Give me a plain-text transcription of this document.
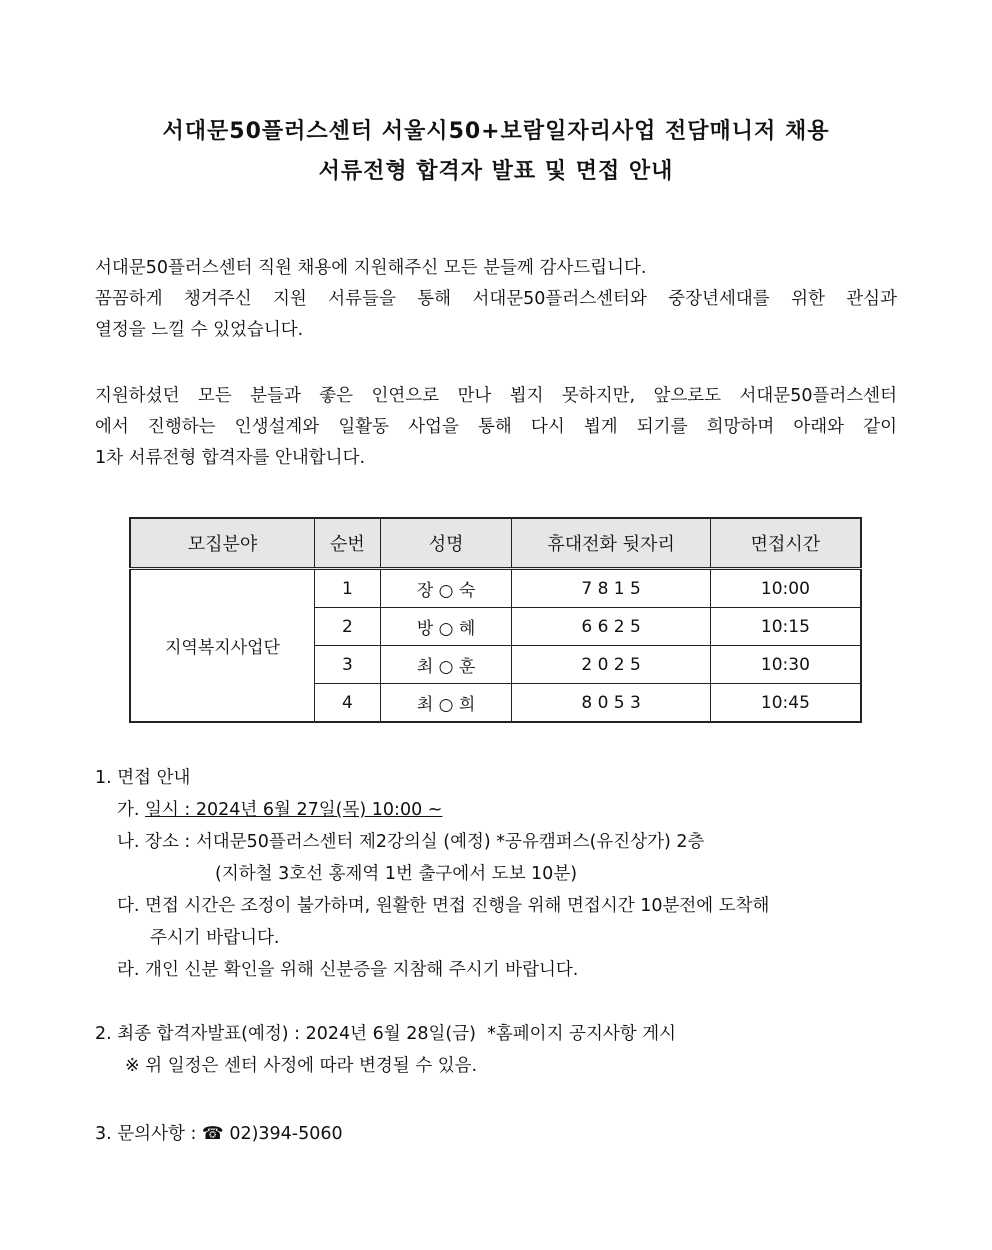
서대문50플러스센터 서울시50+보람일자리사업 전담매니저 채용
서류전형 합격자 발표 및 면접 안내
서대문50플러스센터 직원 채용에 지원해주신 모든 분들께 감사드립니다.
꼼꼼하게 챙겨주신 지원 서류들을 통해 서대문50플러스센터와 중장년세대를 위한 관심과
열정을 느낄 수 있었습니다.
지원하셨던 모든 분들과 좋은 인연으로 만나 뵙지 못하지만, 앞으로도 서대문50플러스센터
에서 진행하는 인생설계와 일활동 사업을 통해 다시 뵙게 되기를 희망하며 아래와 같이
1차 서류전형 합격자를 안내합니다.
모집분야	순번	성명	휴대전화 뒷자리	면접시간
지역복지사업단	1	장 ○ 숙	7 8 1 5	10:00
	2	방 ○ 혜	6 6 2 5	10:15
	3	최 ○ 훈	2 0 2 5	10:30
	4	최 ○ 희	8 0 5 3	10:45
1. 면접 안내
가. 일시 : 2024년 6월 27일(목) 10:00 ~
나. 장소 : 서대문50플러스센터 제2강의실 (예정) *공유캠퍼스(유진상가) 2층
(지하철 3호선 홍제역 1번 출구에서 도보 10분)
다. 면접 시간은 조정이 불가하며, 원활한 면접 진행을 위해 면접시간 10분전에 도착해
주시기 바랍니다.
라. 개인 신분 확인을 위해 신분증을 지참해 주시기 바랍니다.
2. 최종 합격자발표(예정) : 2024년 6월 28일(금) *홈페이지 공지사항 게시
※ 위 일정은 센터 사정에 따라 변경될 수 있음.
3. 문의사항 : ☎ 02)394-5060
